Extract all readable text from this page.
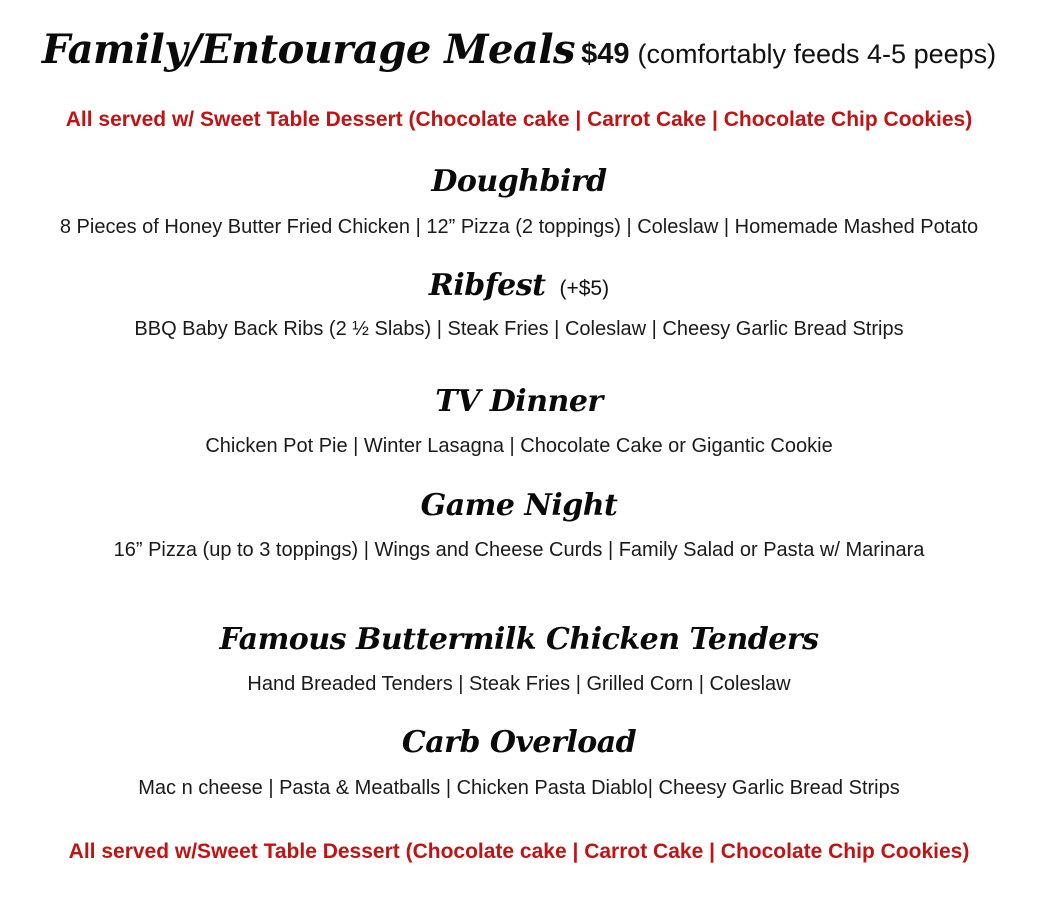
Family/Entourage Meals $49 (comfortably feeds 4-5 peeps)
All served w/ Sweet Table Dessert (Chocolate cake | Carrot Cake | Chocolate Chip Cookies)
Doughbird
8 Pieces of Honey Butter Fried Chicken | 12” Pizza (2 toppings) | Coleslaw | Homemade Mashed Potato
Ribfest (+$5)
BBQ Baby Back Ribs (2 ½ Slabs) | Steak Fries | Coleslaw | Cheesy Garlic Bread Strips
TV Dinner
Chicken Pot Pie | Winter Lasagna | Chocolate Cake or Gigantic Cookie
Game Night
16” Pizza (up to 3 toppings) | Wings and Cheese Curds | Family Salad or Pasta w/ Marinara
Famous Buttermilk Chicken Tenders
Hand Breaded Tenders | Steak Fries | Grilled Corn | Coleslaw
Carb Overload
Mac n cheese | Pasta & Meatballs | Chicken Pasta Diablo| Cheesy Garlic Bread Strips
All served w/Sweet Table Dessert (Chocolate cake | Carrot Cake | Chocolate Chip Cookies)
